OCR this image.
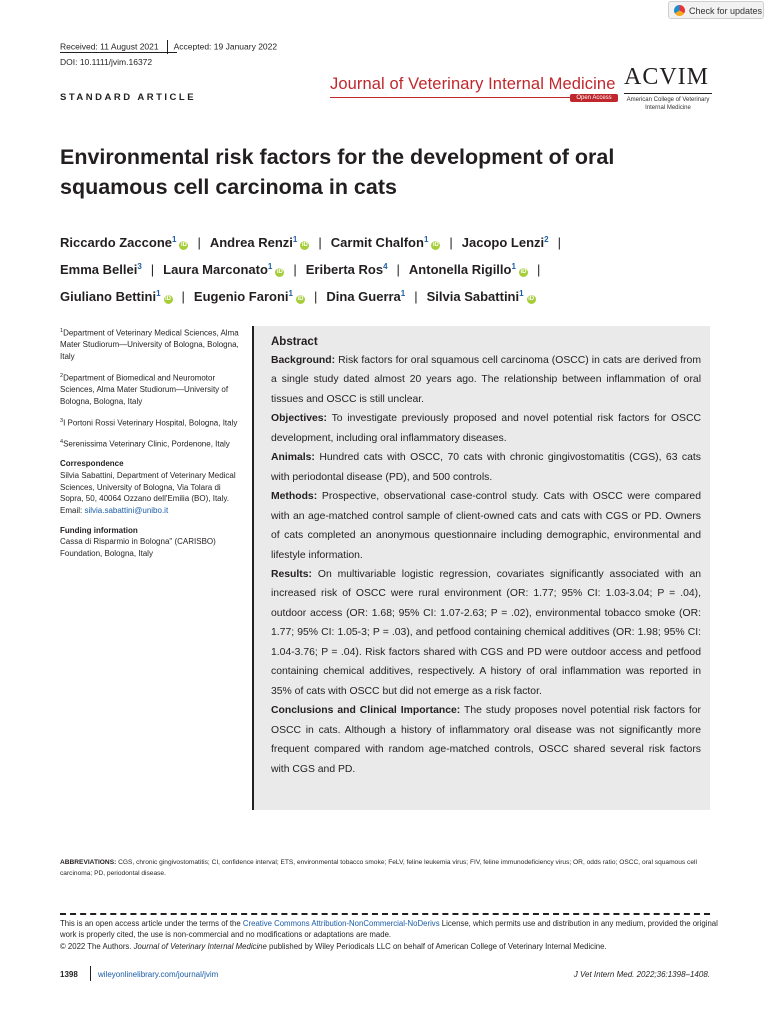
Check for updates
Received: 11 August 2021 Accepted: 19 January 2022
DOI: 10.1111/jvim.16372
STANDARD ARTICLE
Journal of Veterinary Internal Medicine
Open Access
ACVIM
American College of Veterinary Internal Medicine
Environmental risk factors for the development of oral squamous cell carcinoma in cats
Riccardo Zaccone$^1$iD | Andrea Renzi$^1$iD | Carmit Chalfon$^1$iD | Jacopo Lenzi$^2$ |
Emma Bellei$^3$ | Laura Marconato$^1$iD | Eriberta Ros$^4$ | Antonella Rigillo$^1$iD |
Giuliano Bettini$^1$iD | Eugenio Faroni$^1$iD | Dina Guerra$^1$ | Silvia Sabattini$^1$iD

$^1$Department of Veterinary Medical Sciences, Alma Mater Studiorum—University of Bologna, Bologna, Italy

$^2$Department of Biomedical and Neuromotor Sciences, Alma Mater Studiorum—University of Bologna, Bologna, Italy

$^3$I Portoni Rossi Veterinary Hospital, Bologna, Italy

$^4$Serenissima Veterinary Clinic, Pordenone, Italy

Correspondence
Silvia Sabattini, Department of Veterinary Medical Sciences, University of Bologna, Via Tolara di Sopra, 50, 40064 Ozzano dell'Emilia (BO), Italy.
Email: silvia.sabattini@unibo.it

Funding information
Cassa di Risparmio in Bologna" (CARISBO) Foundation, Bologna, Italy

Abstract

Background: Risk factors for oral squamous cell carcinoma (OSCC) in cats are derived from a single study dated almost 20 years ago. The relationship between inflammation of oral tissues and OSCC is still unclear.

Objectives: To investigate previously proposed and novel potential risk factors for OSCC development, including oral inflammatory diseases.

Animals: Hundred cats with OSCC, 70 cats with chronic gingivostomatitis (CGS), 63 cats with periodontal disease (PD), and 500 controls.

Methods: Prospective, observational case-control study. Cats with OSCC were compared with an age-matched control sample of client-owned cats and cats with CGS or PD. Owners of cats completed an anonymous questionnaire including demographic, environmental and lifestyle information.

Results: On multivariable logistic regression, covariates significantly associated with an increased risk of OSCC were rural environment (OR: 1.77; 95% CI: 1.03-3.04; P = .04), outdoor access (OR: 1.68; 95% CI: 1.07-2.63; P = .02), environmental tobacco smoke (OR: 1.77; 95% CI: 1.05-3; P = .03), and petfood containing chemical additives (OR: 1.98; 95% CI: 1.04-3.76; P = .04). Risk factors shared with CGS and PD were outdoor access and petfood containing chemical additives, respectively. A history of oral inflammation was reported in 35% of cats with OSCC but did not emerge as a risk factor.

Conclusions and Clinical Importance: The study proposes novel potential risk factors for OSCC in cats. Although a history of inflammatory oral disease was not significantly more frequent compared with random age-matched controls, OSCC shared several risk factors with CGS and PD.

ABBREVIATIONS: CGS, chronic gingivostomatitis; CI, confidence interval; ETS, environmental tobacco smoke; FeLV, feline leukemia virus; FIV, feline immunodeficiency virus; OR, odds ratio; OSCC, oral squamous cell carcinoma; PD, periodontal disease.
This is an open access article under the terms of the Creative Commons Attribution-NonCommercial-NoDerivs License, which permits use and distribution in any medium, provided the original work is properly cited, the use is non-commercial and no modifications or adaptations are made.
© 2022 The Authors. Journal of Veterinary Internal Medicine published by Wiley Periodicals LLC on behalf of American College of Veterinary Internal Medicine.
1398	wileyonlinelibrary.com/journal/jvim	J Vet Intern Med. 2022;36:1398–1408.
